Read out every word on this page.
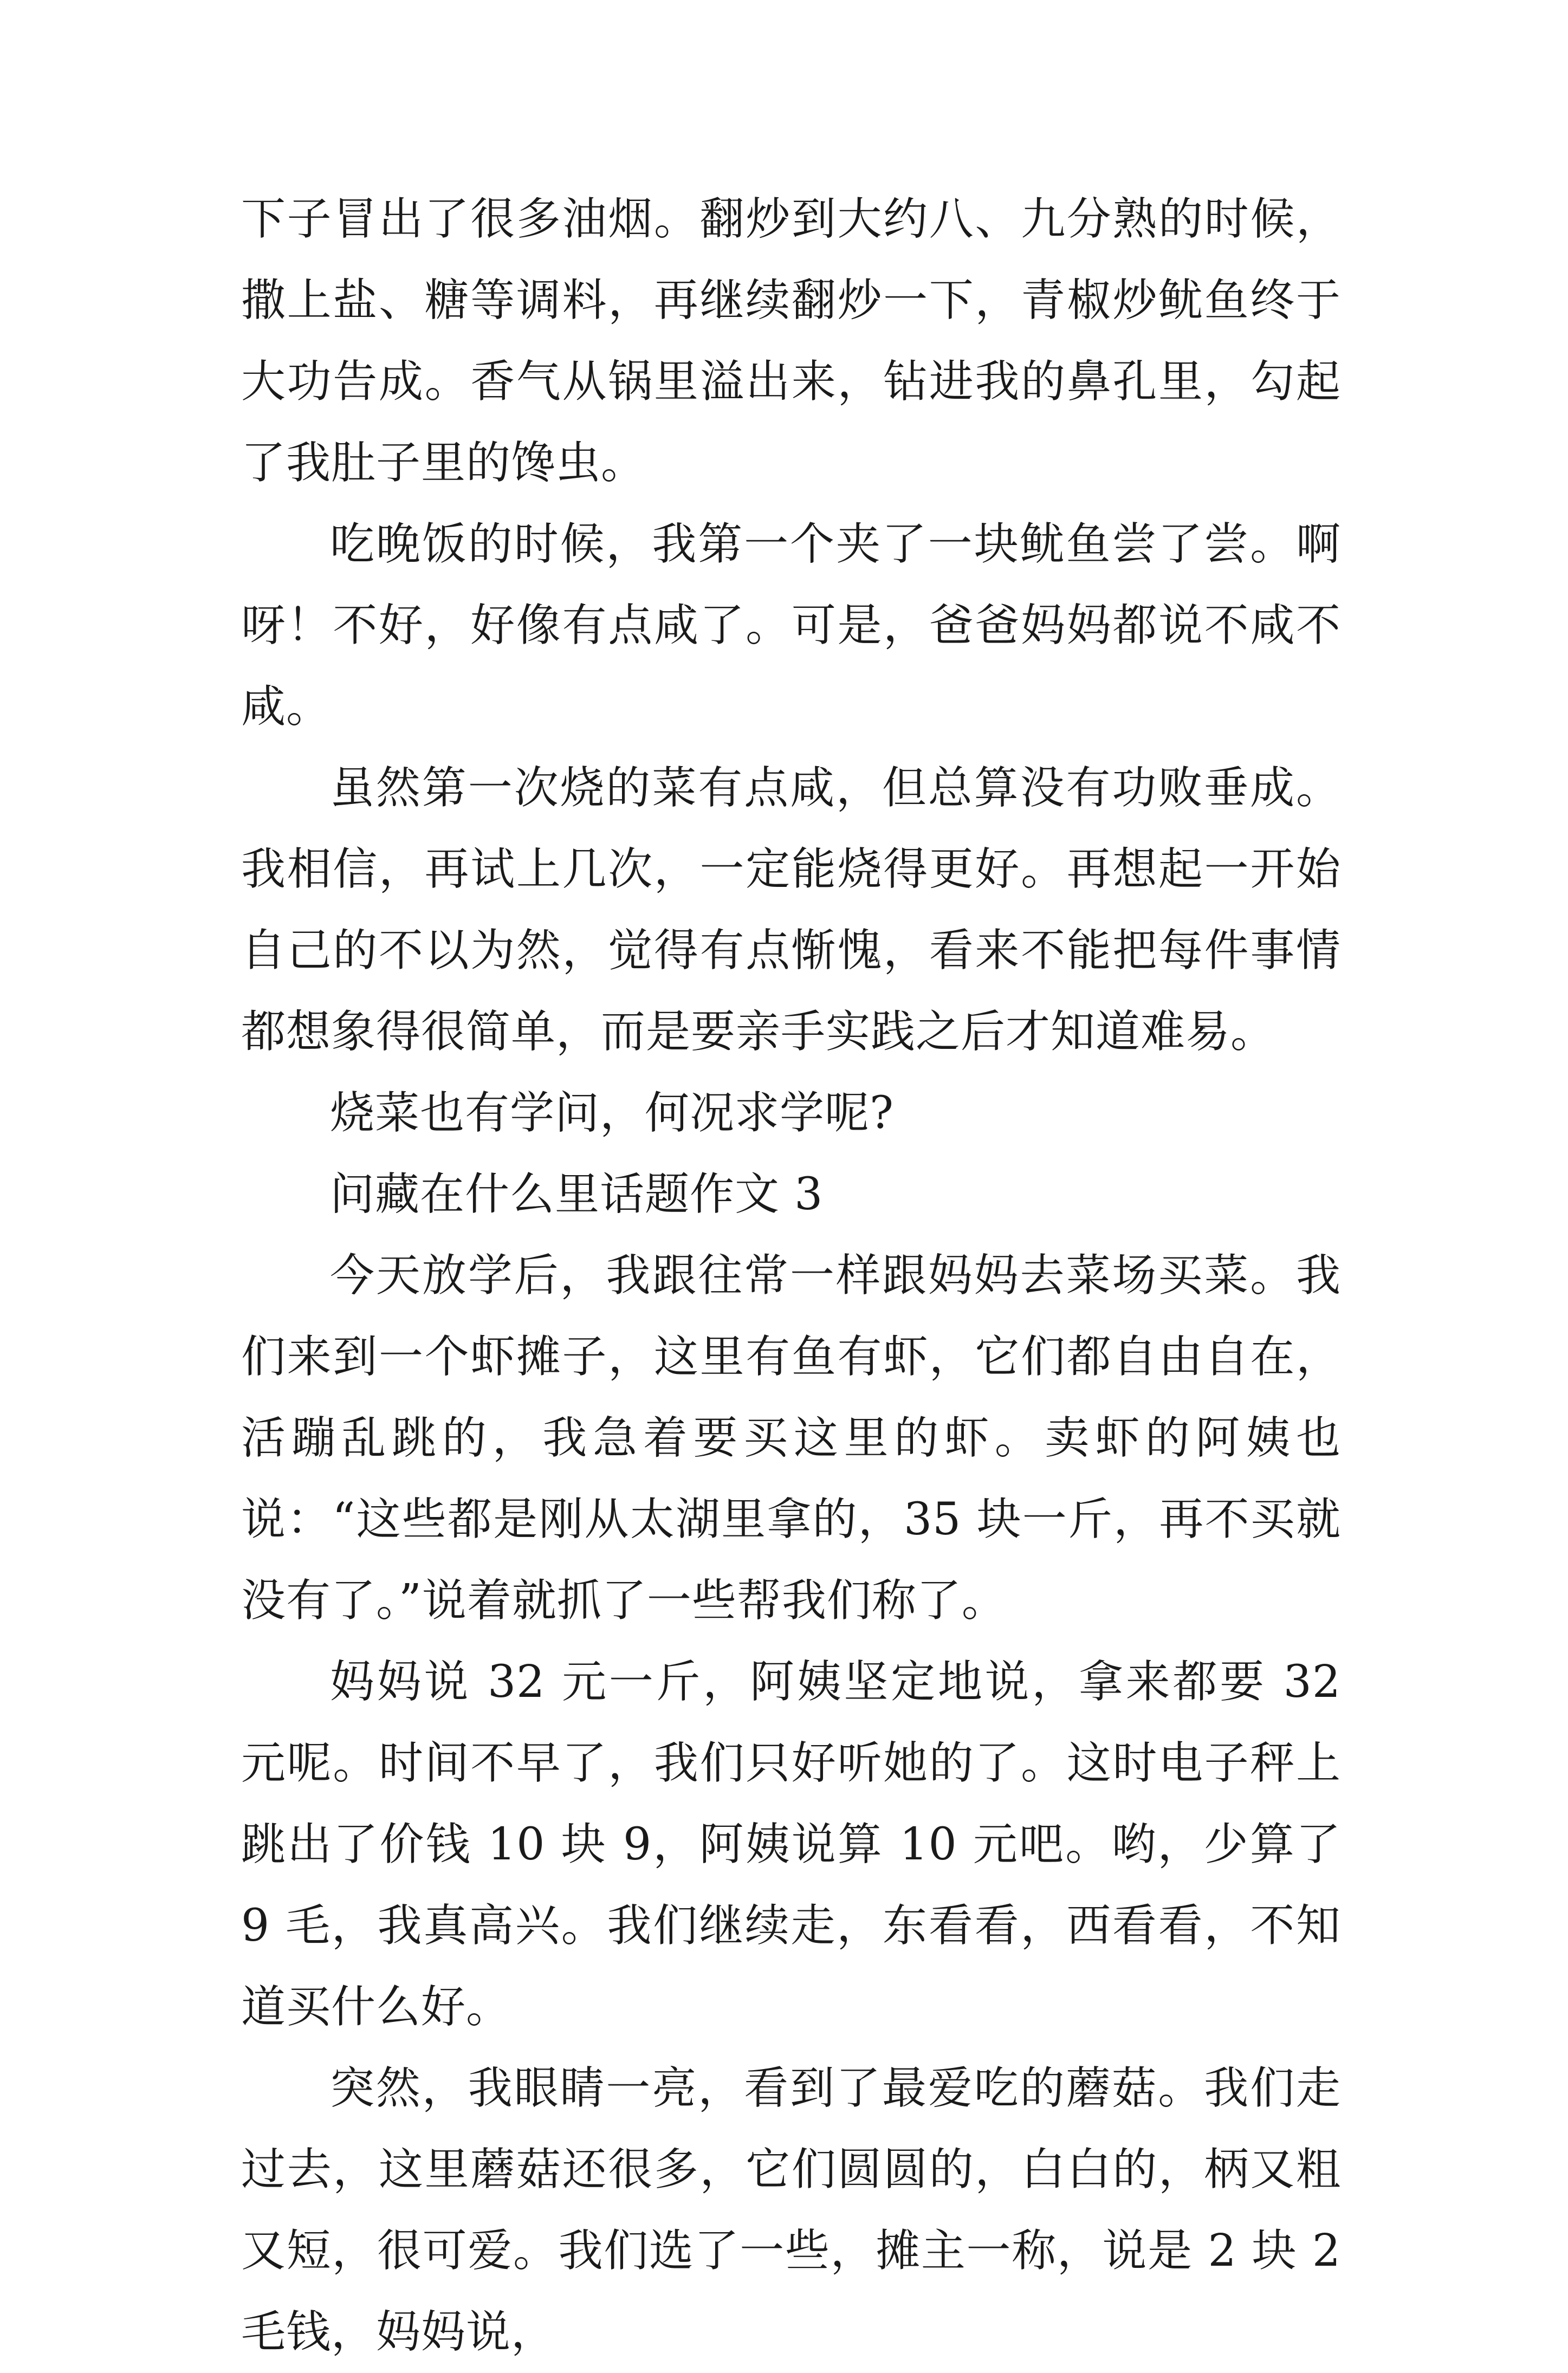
下子冒出了很多油烟。翻炒到大约八、九分熟的时候，撒上盐、糖等调料，再继续翻炒一下，青椒炒鱿鱼终于大功告成。香气从锅里溢出来，钻进我的鼻孔里，勾起了我肚子里的馋虫。

吃晚饭的时候，我第一个夹了一块鱿鱼尝了尝。啊呀！不好，好像有点咸了。可是，爸爸妈妈都说不咸不咸。

虽然第一次烧的菜有点咸，但总算没有功败垂成。我相信，再试上几次，一定能烧得更好。再想起一开始自己的不以为然，觉得有点惭愧，看来不能把每件事情都想象得很简单，而是要亲手实践之后才知道难易。

烧菜也有学问，何况求学呢?

问藏在什么里话题作文 3

今天放学后，我跟往常一样跟妈妈去菜场买菜。我们来到一个虾摊子，这里有鱼有虾，它们都自由自在，活蹦乱跳的，我急着要买这里的虾。卖虾的阿姨也说：“这些都是刚从太湖里拿的，35 块一斤，再不买就没有了。”说着就抓了一些帮我们称了。

妈妈说 32 元一斤，阿姨坚定地说，拿来都要 32 元呢。时间不早了，我们只好听她的了。这时电子秤上跳出了价钱 10 块 9，阿姨说算 10 元吧。哟，少算了 9 毛，我真高兴。我们继续走，东看看，西看看，不知道买什么好。

突然，我眼睛一亮，看到了最爱吃的蘑菇。我们走过去，这里蘑菇还很多，它们圆圆的，白白的，柄又粗又短，很可爱。我们选了一些，摊主一称，说是 2 块 2 毛钱，妈妈说，
